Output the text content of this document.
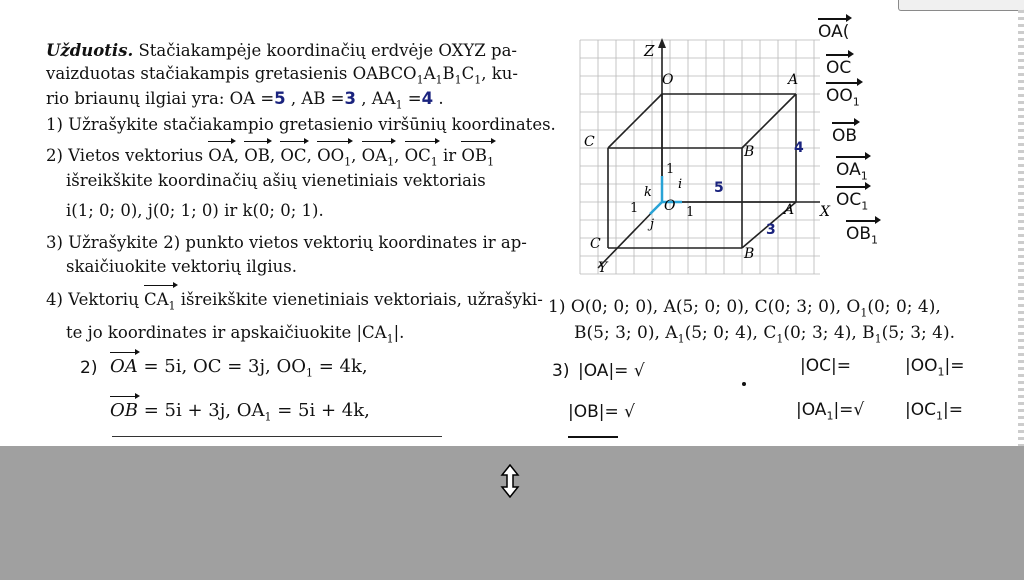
Užduotis. Stačiakampėje koordinačių erdvėje OXYZ pa-
vaizduotas stačiakampis gretasienis $OABCO_1A_1B_1C_1$, ku-
rio briaunų ilgiai yra: OA =5 , AB =3 , $AA_1 =4$ .
1) Užrašykite stačiakampio gretasienio viršūnių koordinates.
2) Vietos vektorius OA, OB, OC, $OO_1$, $OA_1$, $OC_1$ ir $OB_1$
išreikškite koordinačių ašių vienetiniais vektoriais
i(1; 0; 0), j(0; 1; 0) ir k(0; 0; 1).
3) Užrašykite 2) punkto vietos vektorių koordinates ir ap-
skaičiuokite vektorių ilgius.
4) Vektorių $CA_1$ išreikškite vienetiniais vektoriais, užrašyki-
te jo koordinates ir apskaičiuokite $|CA_1|$.
2) OA = 5i, OC = 3j, $OO_1 = 4k$,
OB = 5i + 3j, $OA_1 = 5i + 4k$,
1) O(0; 0; 0), A(5; 0; 0), C(0; 3; 0), $O_1(0$; 0; 4),
B(5; 3; 0), $A_1(5$; 0; 4), $C_1(0$; 3; 4), $B_1(5$; 3; 4).
3) |OA|= √	|OC|=	$|OO_1|=$
|OB|= √	$|OA_1|=√$ $|OC_1|=$
Z
O	A
C
B	4
5
3
1
i
k
O 1
1
j
A X
C
B
Y
OA(
OC
$OO_1$
OB
$OA_1$
$OC_1$
$OB_1$
